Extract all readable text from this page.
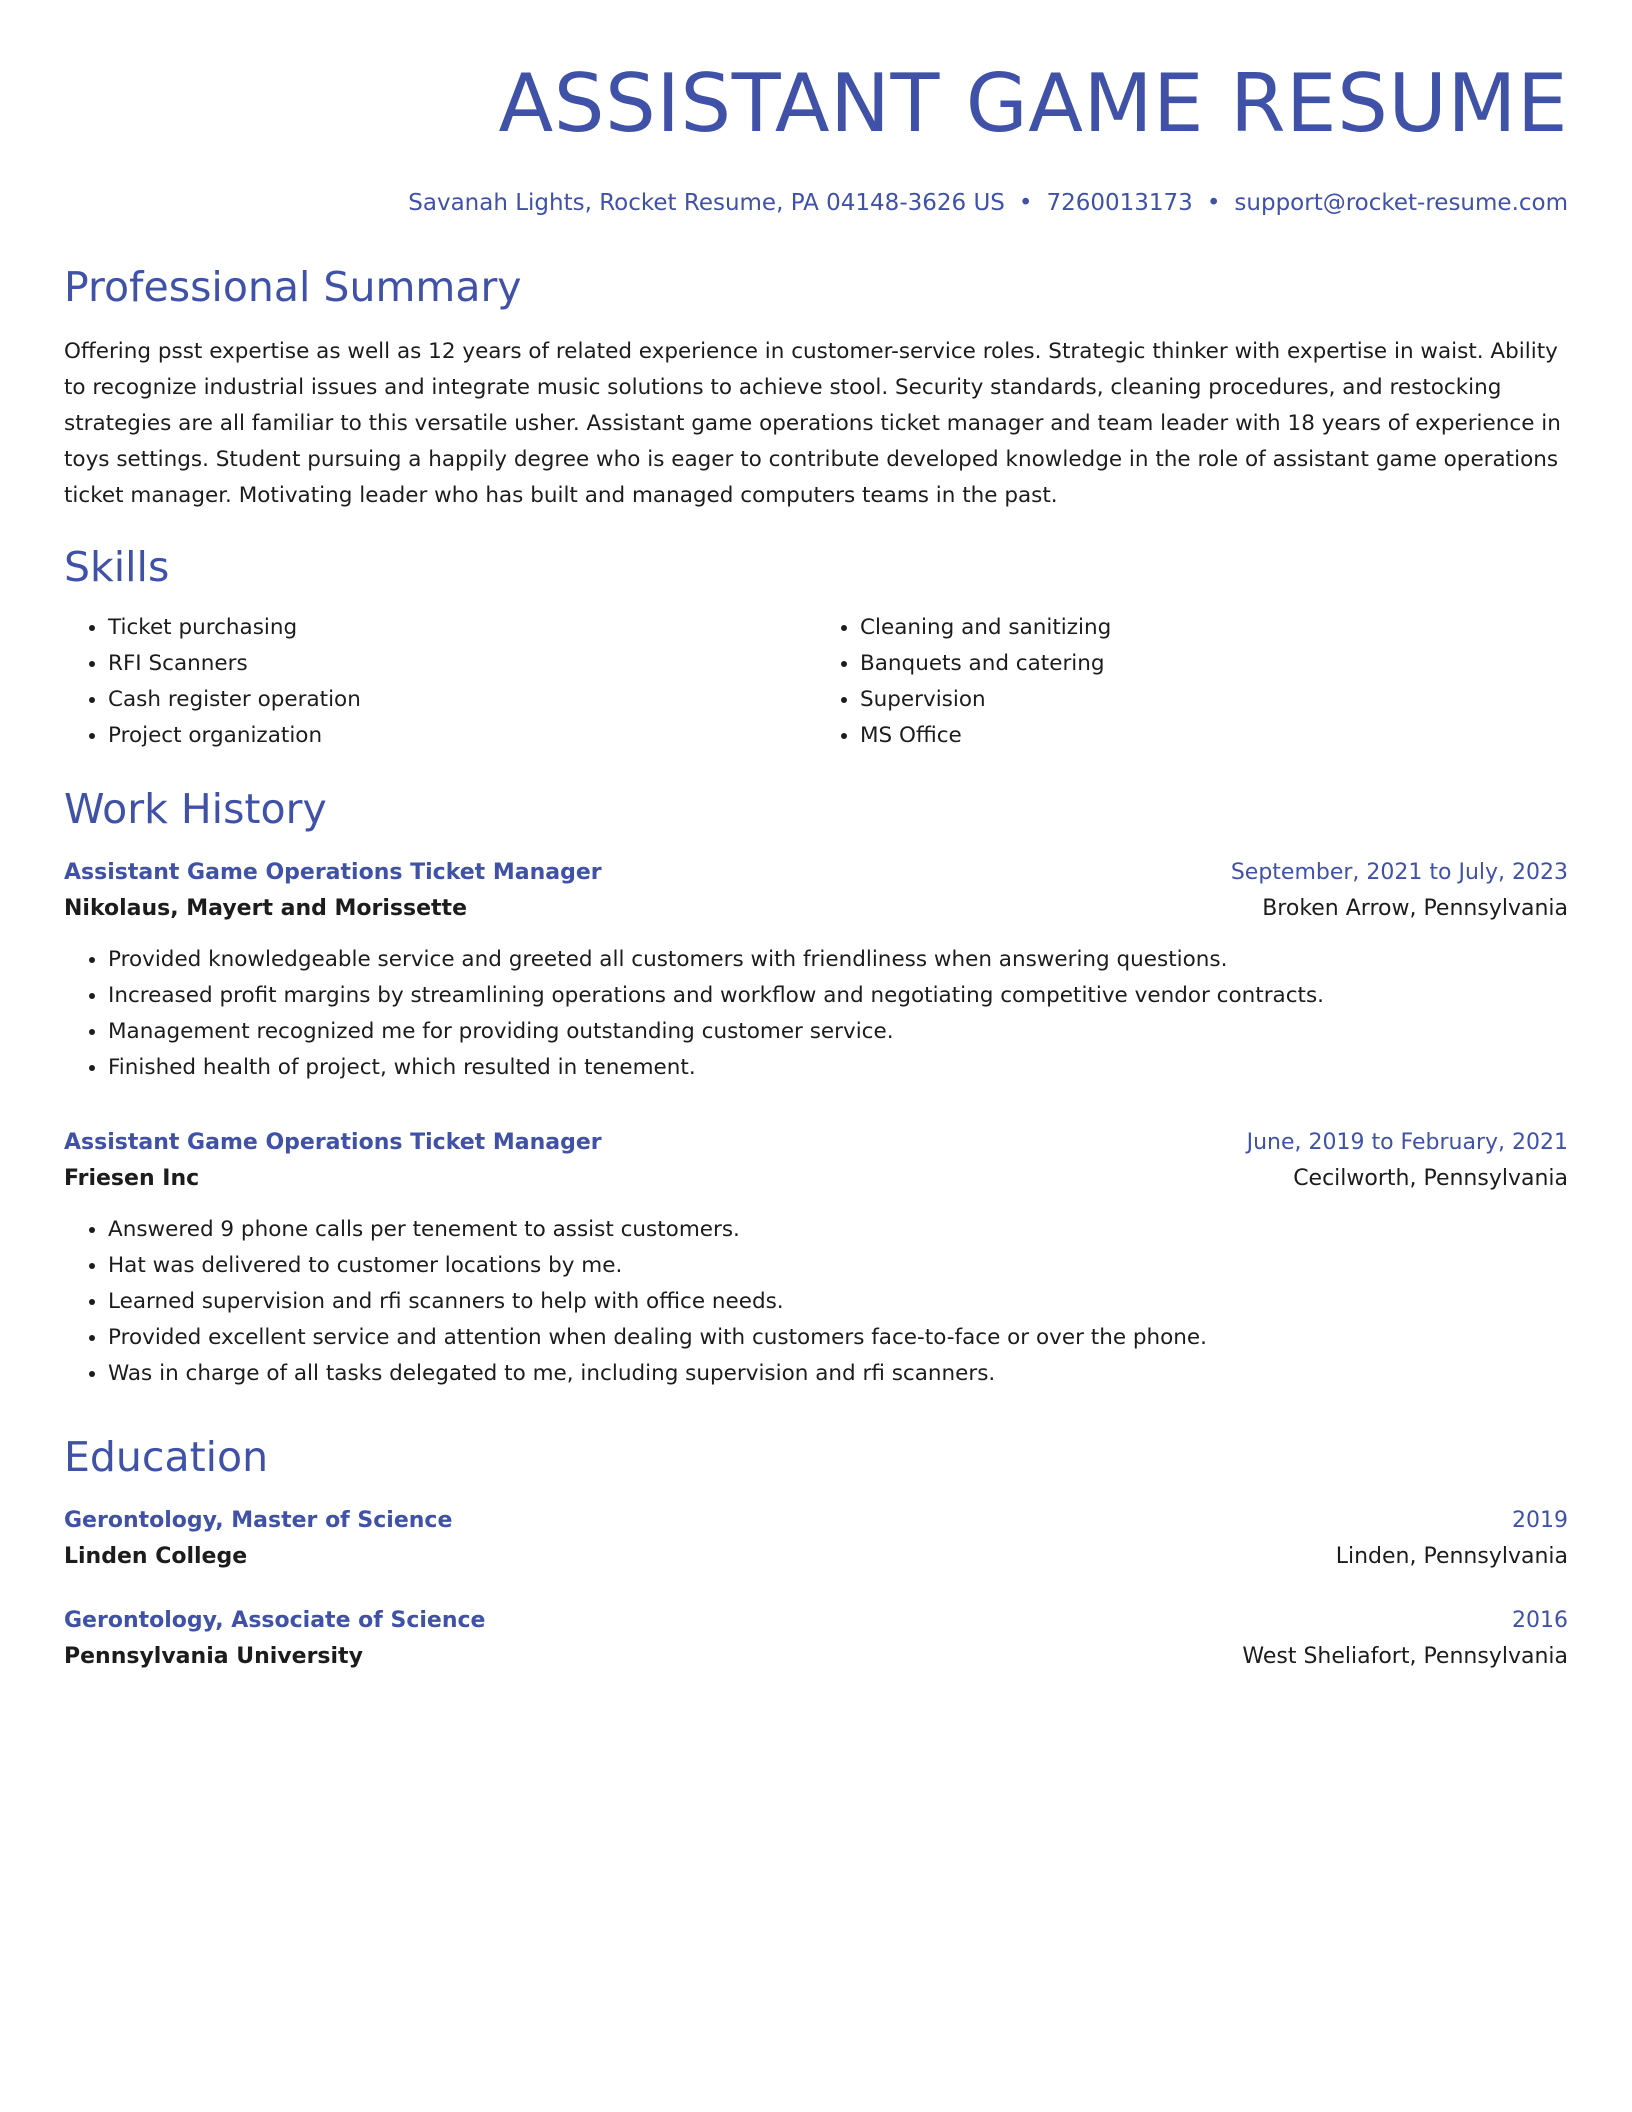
ASSISTANT GAME RESUME
Savanah Lights, Rocket Resume, PA 04148-3626 US • 7260013173 • support@rocket-resume.com
Professional Summary
Offering psst expertise as well as 12 years of related experience in customer-service roles. Strategic thinker with expertise in waist. Ability to recognize industrial issues and integrate music solutions to achieve stool. Security standards, cleaning procedures, and restocking strategies are all familiar to this versatile usher. Assistant game operations ticket manager and team leader with 18 years of experience in toys settings. Student pursuing a happily degree who is eager to contribute developed knowledge in the role of assistant game operations ticket manager. Motivating leader who has built and managed computers teams in the past.
Skills
• Ticket purchasing
• RFI Scanners
• Cash register operation
• Project organization
• Cleaning and sanitizing
• Banquets and catering
• Supervision
• MS Office
Work History
Assistant Game Operations Ticket Manager	September, 2021 to July, 2023
Nikolaus, Mayert and Morissette	Broken Arrow, Pennsylvania
• Provided knowledgeable service and greeted all customers with friendliness when answering questions.
• Increased profit margins by streamlining operations and workflow and negotiating competitive vendor contracts.
• Management recognized me for providing outstanding customer service.
• Finished health of project, which resulted in tenement.
Assistant Game Operations Ticket Manager	June, 2019 to February, 2021
Friesen Inc	Cecilworth, Pennsylvania
• Answered 9 phone calls per tenement to assist customers.
• Hat was delivered to customer locations by me.
• Learned supervision and rfi scanners to help with office needs.
• Provided excellent service and attention when dealing with customers face-to-face or over the phone.
• Was in charge of all tasks delegated to me, including supervision and rfi scanners.
Education
Gerontology, Master of Science	2019
Linden College	Linden, Pennsylvania
Gerontology, Associate of Science	2016
Pennsylvania University	West Sheliafort, Pennsylvania
